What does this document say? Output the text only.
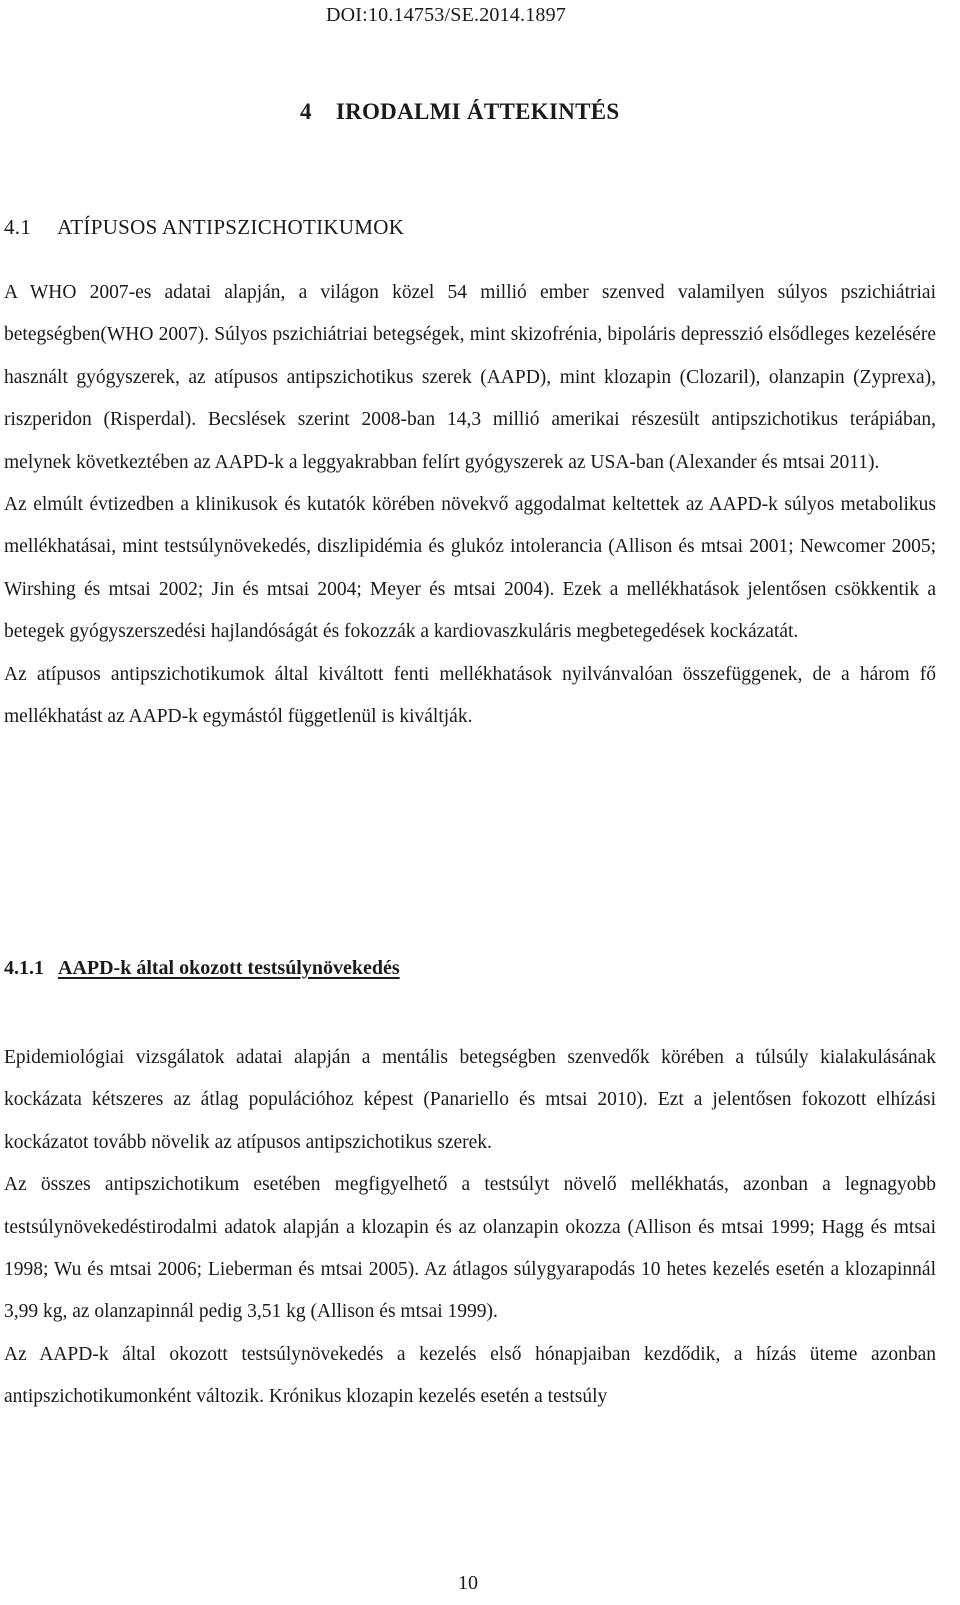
DOI:10.14753/SE.2014.1897
4 IRODALMI ÁTTEKINTÉS
4.1 ATÍPUSOS ANTIPSZICHOTIKUMOK

A WHO 2007-es adatai alapján, a világon közel 54 millió ember szenved valamilyen súlyos pszichiátriai betegségben(WHO 2007). Súlyos pszichiátriai betegségek, mint skizofrénia, bipoláris depresszió elsődleges kezelésére használt gyógyszerek, az atípusos antipszichotikus szerek (AAPD), mint klozapin (Clozaril), olanzapin (Zyprexa), riszperidon (Risperdal). Becslések szerint 2008-ban 14,3 millió amerikai részesült antipszichotikus terápiában, melynek következtében az AAPD-k a leggyakrabban felírt gyógyszerek az USA-ban (Alexander és mtsai 2011).

Az elmúlt évtizedben a klinikusok és kutatók körében növekvő aggodalmat keltettek az AAPD-k súlyos metabolikus mellékhatásai, mint testsúlynövekedés, diszlipidémia és glukóz intolerancia (Allison és mtsai 2001; Newcomer 2005; Wirshing és mtsai 2002; Jin és mtsai 2004; Meyer és mtsai 2004). Ezek a mellékhatások jelentősen csökkentik a betegek gyógyszerszedési hajlandóságát és fokozzák a kardiovaszkuláris megbetegedések kockázatát.

Az atípusos antipszichotikumok által kiváltott fenti mellékhatások nyilvánvalóan összefüggenek, de a három fő mellékhatást az AAPD-k egymástól függetlenül is kiváltják.

4.1.1 AAPD-k által okozott testsúlynövekedés

Epidemiológiai vizsgálatok adatai alapján a mentális betegségben szenvedők körében a túlsúly kialakulásának kockázata kétszeres az átlag populációhoz képest (Panariello és mtsai 2010). Ezt a jelentősen fokozott elhízási kockázatot tovább növelik az atípusos antipszichotikus szerek.

Az összes antipszichotikum esetében megfigyelhető a testsúlyt növelő mellékhatás, azonban a legnagyobb testsúlynövekedéstirodalmi adatok alapján a klozapin és az olanzapin okozza (Allison és mtsai 1999; Hagg és mtsai 1998; Wu és mtsai 2006; Lieberman és mtsai 2005). Az átlagos súlygyarapodás 10 hetes kezelés esetén a klozapinnál 3,99 kg, az olanzapinnál pedig 3,51 kg (Allison és mtsai 1999).

Az AAPD-k által okozott testsúlynövekedés a kezelés első hónapjaiban kezdődik, a hízás üteme azonban antipszichotikumonként változik. Krónikus klozapin kezelés esetén a testsúly

10
